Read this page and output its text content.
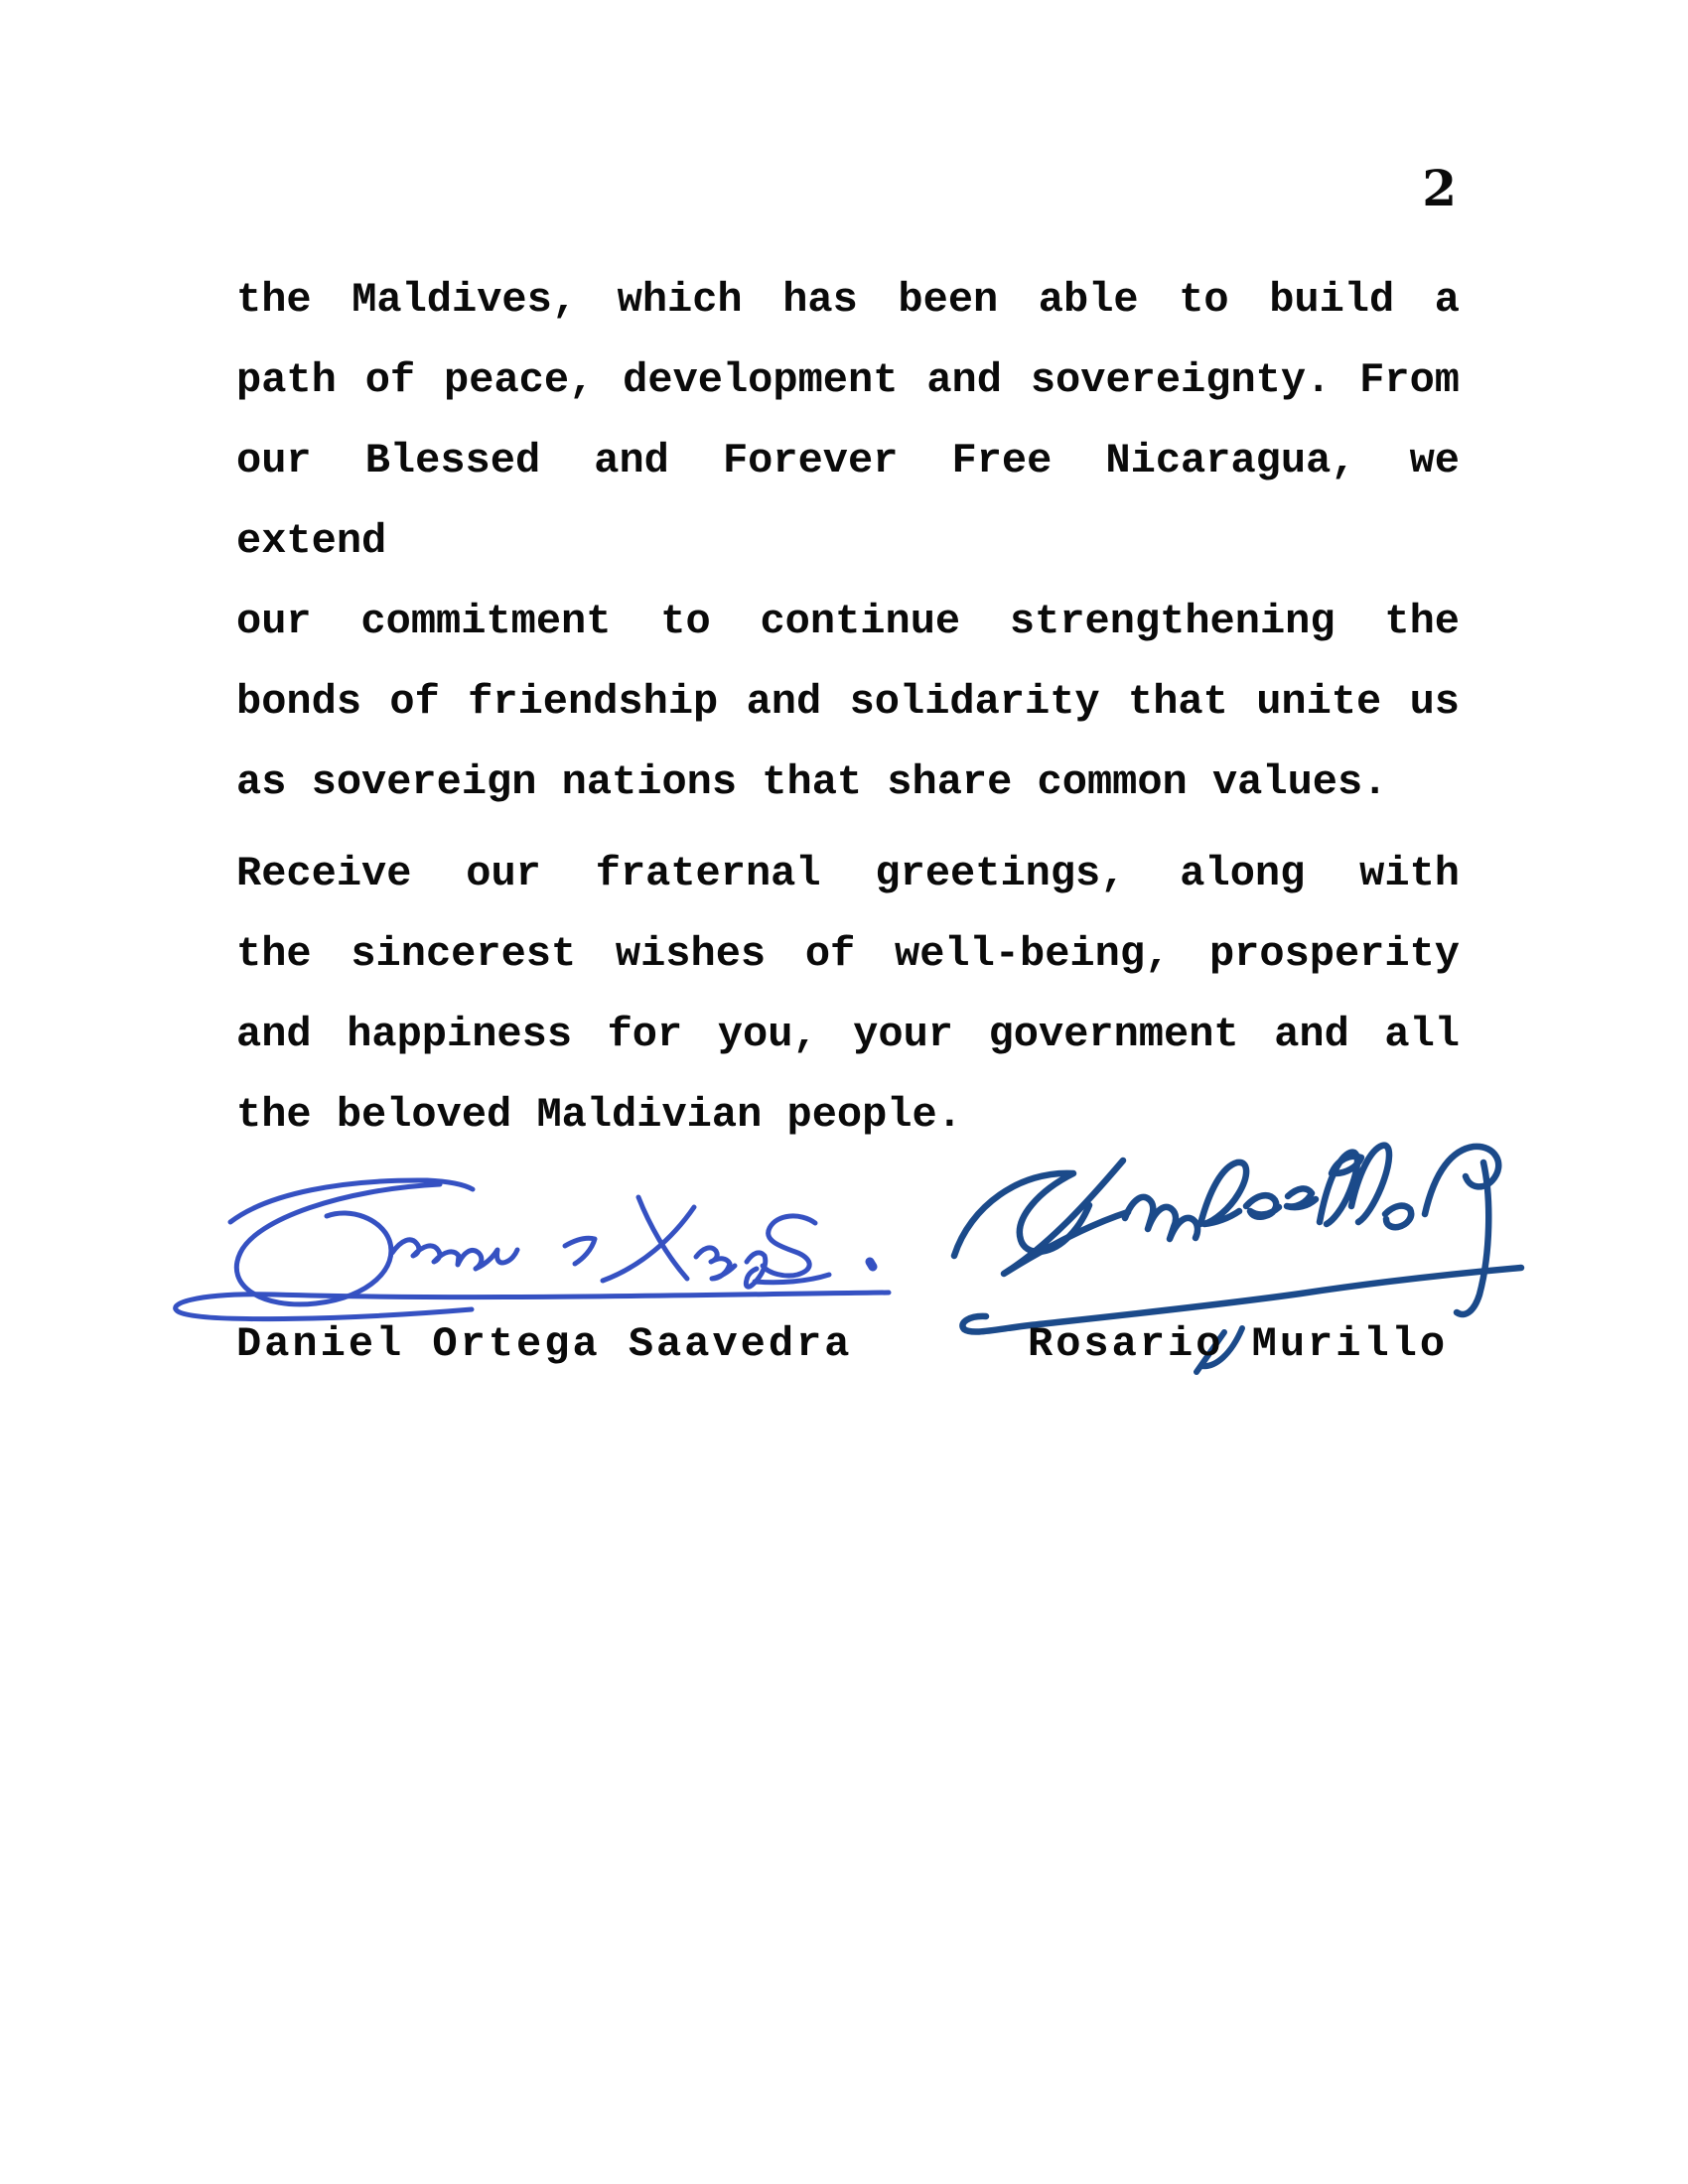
2
the Maldives, which has been able to build a
path of peace, development and sovereignty. From
our Blessed and Forever Free Nicaragua, we extend
our commitment to continue strengthening the
bonds of friendship and solidarity that unite us
as sovereign nations that share common values.
Receive our fraternal greetings, along with
the sincerest wishes of well-being, prosperity
and happiness for you, your government and all
the beloved Maldivian people.
Daniel Ortega Saavedra	Rosario Murillo
